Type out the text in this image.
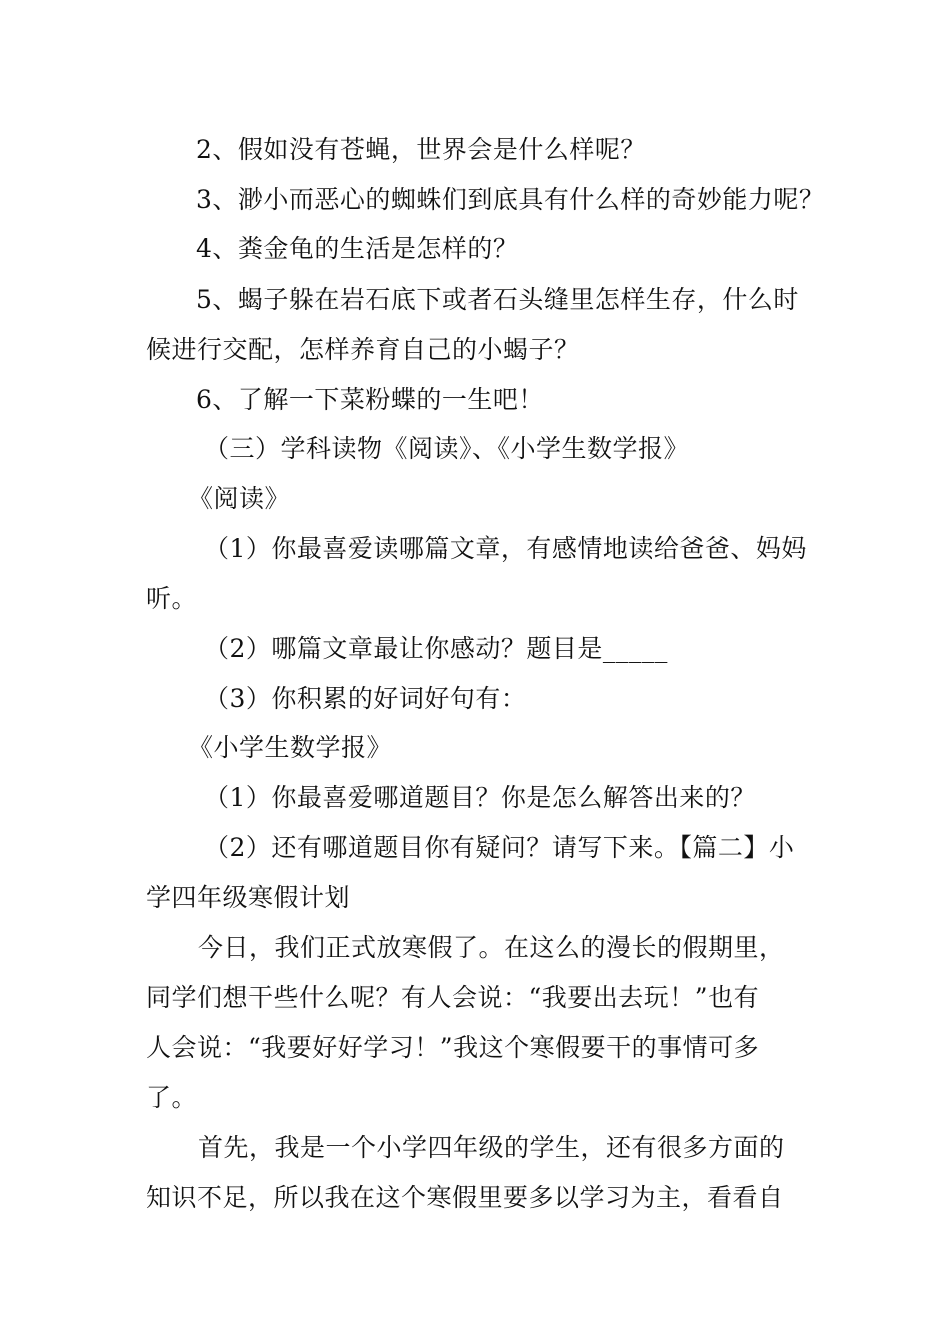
2、假如没有苍蝇，世界会是什么样呢？
3、渺小而恶心的蜘蛛们到底具有什么样的奇妙能力呢？
4、粪金龟的生活是怎样的？
5、蝎子躲在岩石底下或者石头缝里怎样生存，什么时
候进行交配，怎样养育自己的小蝎子？
6、了解一下菜粉蝶的一生吧！
（三）学科读物《阅读》、《小学生数学报》
《阅读》
（1）你最喜爱读哪篇文章，有感情地读给爸爸、妈妈
听。
（2）哪篇文章最让你感动？题目是_____
（3）你积累的好词好句有：
《小学生数学报》
（1）你最喜爱哪道题目？你是怎么解答出来的？
（2）还有哪道题目你有疑问？请写下来。【篇二】小
学四年级寒假计划
今日，我们正式放寒假了。在这么的漫长的假期里，
同学们想干些什么呢？有人会说：“我要出去玩！”也有
人会说：“我要好好学习！”我这个寒假要干的事情可多
了。
首先，我是一个小学四年级的学生，还有很多方面的
知识不足，所以我在这个寒假里要多以学习为主，看看自
